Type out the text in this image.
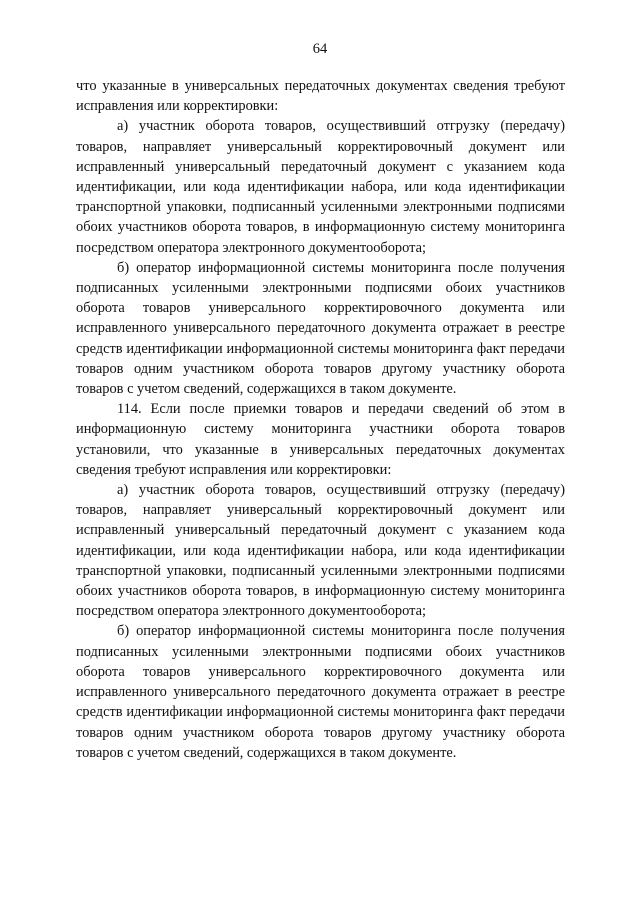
64

что указанные в универсальных передаточных документах сведения требуют исправления или корректировки:

а) участник оборота товаров, осуществивший отгрузку (передачу) товаров, направляет универсальный корректировочный документ или исправленный универсальный передаточный документ с указанием кода идентификации, или кода идентификации набора, или кода идентификации транспортной упаковки, подписанный усиленными электронными подписями обоих участников оборота товаров, в информационную систему мониторинга посредством оператора электронного документооборота;

б) оператор информационной системы мониторинга после получения подписанных усиленными электронными подписями обоих участников оборота товаров универсального корректировочного документа или исправленного универсального передаточного документа отражает в реестре средств идентификации информационной системы мониторинга факт передачи товаров одним участником оборота товаров другому участнику оборота товаров с учетом сведений, содержащихся в таком документе.

114. Если после приемки товаров и передачи сведений об этом в информационную систему мониторинга участники оборота товаров установили, что указанные в универсальных передаточных документах сведения требуют исправления или корректировки:

а) участник оборота товаров, осуществивший отгрузку (передачу) товаров, направляет универсальный корректировочный документ или исправленный универсальный передаточный документ с указанием кода идентификации, или кода идентификации набора, или кода идентификации транспортной упаковки, подписанный усиленными электронными подписями обоих участников оборота товаров, в информационную систему мониторинга посредством оператора электронного документооборота;

б) оператор информационной системы мониторинга после получения подписанных усиленными электронными подписями обоих участников оборота товаров универсального корректировочного документа или исправленного универсального передаточного документа отражает в реестре средств идентификации информационной системы мониторинга факт передачи товаров одним участником оборота товаров другому участнику оборота товаров с учетом сведений, содержащихся в таком документе.
